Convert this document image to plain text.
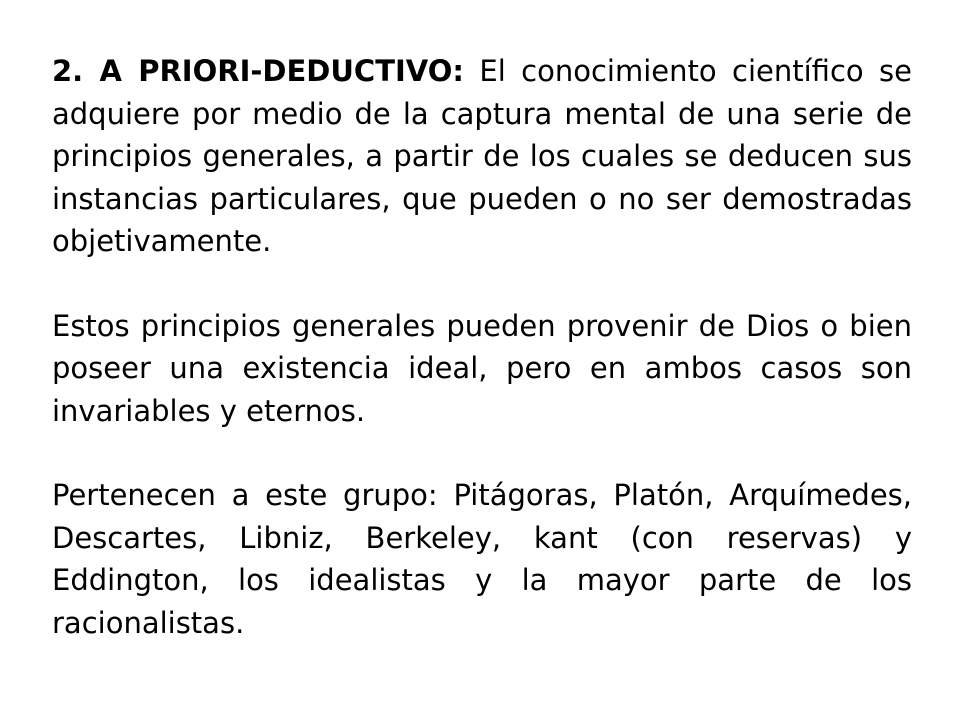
2. A PRIORI-DEDUCTIVO: El conocimiento científico se adquiere por medio de la captura mental de una serie de principios generales, a partir de los cuales se deducen sus instancias particulares, que pueden o no ser demostradas objetivamente.

Estos principios generales pueden provenir de Dios o bien poseer una existencia ideal, pero en ambos casos son invariables y eternos.

Pertenecen a este grupo: Pitágoras, Platón, Arquímedes, Descartes, Libniz, Berkeley, kant (con reservas) y Eddington, los idealistas y la mayor parte de los racionalistas.
